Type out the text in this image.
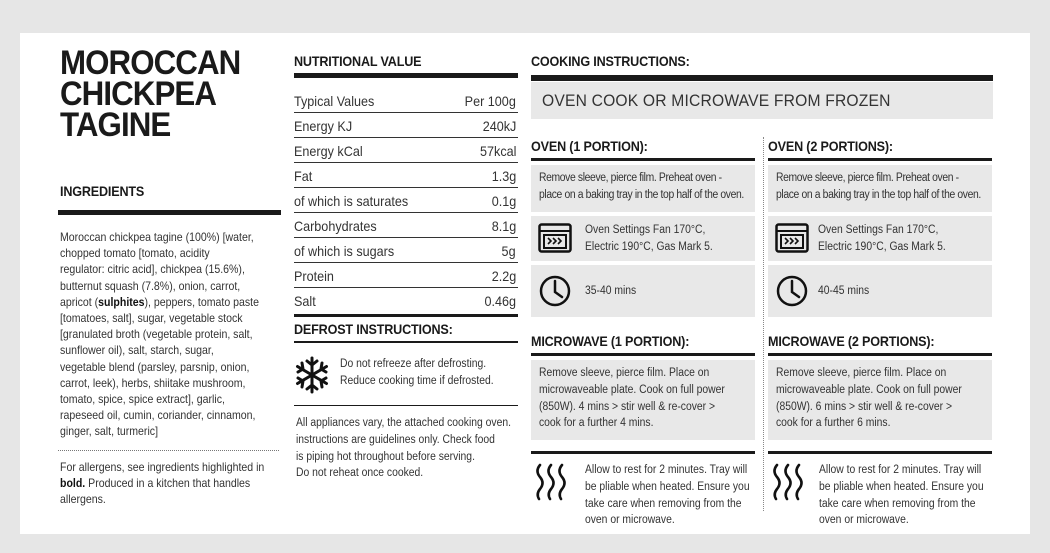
MOROCCAN
CHICKPEA
TAGINE
INGREDIENTS
Moroccan chickpea tagine (100%) [water,
chopped tomato [tomato, acidity
regulator: citric acid], chickpea (15.6%),
butternut squash (7.8%), onion, carrot,
apricot (sulphites), peppers, tomato paste
[tomatoes, salt], sugar, vegetable stock
[granulated broth (vegetable protein, salt,
sunflower oil), salt, starch, sugar,
vegetable blend (parsley, parsnip, onion,
carrot, leek), herbs, shiitake mushroom,
tomato, spice, spice extract], garlic,
rapeseed oil, cumin, coriander, cinnamon,
ginger, salt, turmeric]
For allergens, see ingredients highlighted in
bold. Produced in a kitchen that handles
allergens.
NUTRITIONAL VALUE
Typical Values	Per 100g
Energy KJ	240kJ
Energy kCal	57kcal
Fat	1.3g
of which is saturates	0.1g
Carbohydrates	8.1g
of which is sugars	5g
Protein	2.2g
Salt	0.46g
DEFROST INSTRUCTIONS:
Do not refreeze after defrosting.
Reduce cooking time if defrosted.
All appliances vary, the attached cooking oven.
instructions are guidelines only. Check food
is piping hot throughout before serving.
Do not reheat once cooked.
COOKING INSTRUCTIONS:
OVEN COOK OR MICROWAVE FROM FROZEN
OVEN (1 PORTION):
Remove sleeve, pierce film. Preheat oven -
place on a baking tray in the top half of the oven.
Oven Settings Fan 170°C,
Electric 190°C, Gas Mark 5.
35-40 mins
OVEN (2 PORTIONS):
Remove sleeve, pierce film. Preheat oven -
place on a baking tray in the top half of the oven.
Oven Settings Fan 170°C,
Electric 190°C, Gas Mark 5.
40-45 mins
MICROWAVE (1 PORTION):
Remove sleeve, pierce film. Place on
microwaveable plate. Cook on full power
(850W). 4 mins > stir well & re-cover >
cook for a further 4 mins.
Allow to rest for 2 minutes. Tray will
be pliable when heated. Ensure you
take care when removing from the
oven or microwave.
MICROWAVE (2 PORTIONS):
Remove sleeve, pierce film. Place on
microwaveable plate. Cook on full power
(850W). 6 mins > stir well & re-cover >
cook for a further 6 mins.
Allow to rest for 2 minutes. Tray will
be pliable when heated. Ensure you
take care when removing from the
oven or microwave.
